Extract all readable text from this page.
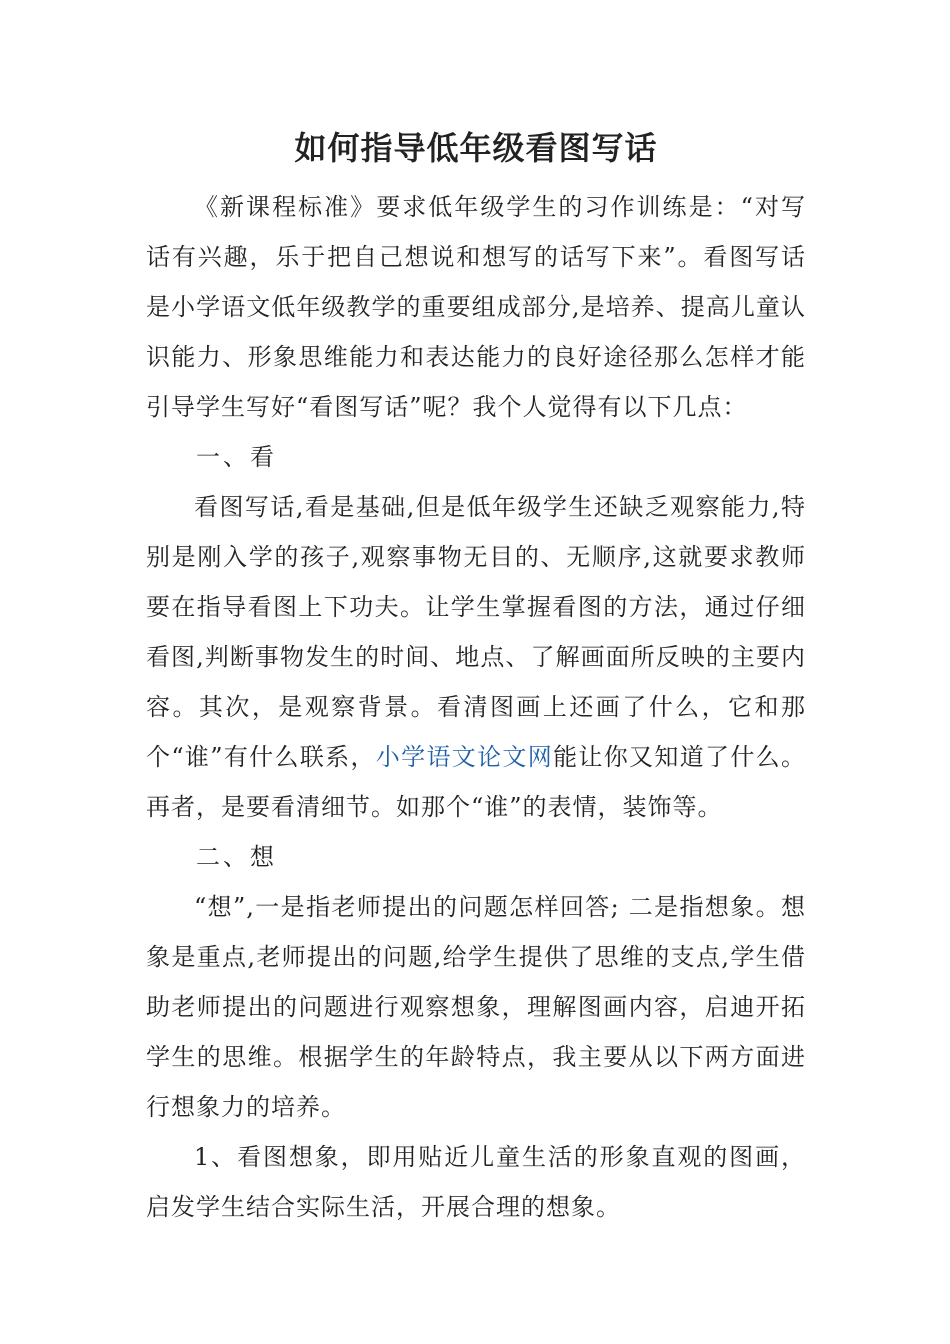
如何指导低年级看图写话

《新课程标准》要求低年级学生的习作训练是：“对写话有兴趣，乐于把自己想说和想写的话写下来”。看图写话是小学语文低年级教学的重要组成部分,是培养、提高儿童认识能力、形象思维能力和表达能力的良好途径那么怎样才能引导学生写好“看图写话”呢？我个人觉得有以下几点：

一、看

看图写话,看是基础,但是低年级学生还缺乏观察能力,特别是刚入学的孩子,观察事物无目的、无顺序,这就要求教师要在指导看图上下功夫。让学生掌握看图的方法，通过仔细看图,判断事物发生的时间、地点、了解画面所反映的主要内容。其次，是观察背景。看清图画上还画了什么，它和那个“谁”有什么联系，小学语文论文网能让你又知道了什么。再者，是要看清细节。如那个“谁”的表情，装饰等。

二、想

“想”,一是指老师提出的问题怎样回答; 二是指想象。想象是重点,老师提出的问题,给学生提供了思维的支点,学生借助老师提出的问题进行观察想象，理解图画内容，启迪开拓学生的思维。根据学生的年龄特点，我主要从以下两方面进行想象力的培养。

1、看图想象，即用贴近儿童生活的形象直观的图画，启发学生结合实际生活，开展合理的想象。
